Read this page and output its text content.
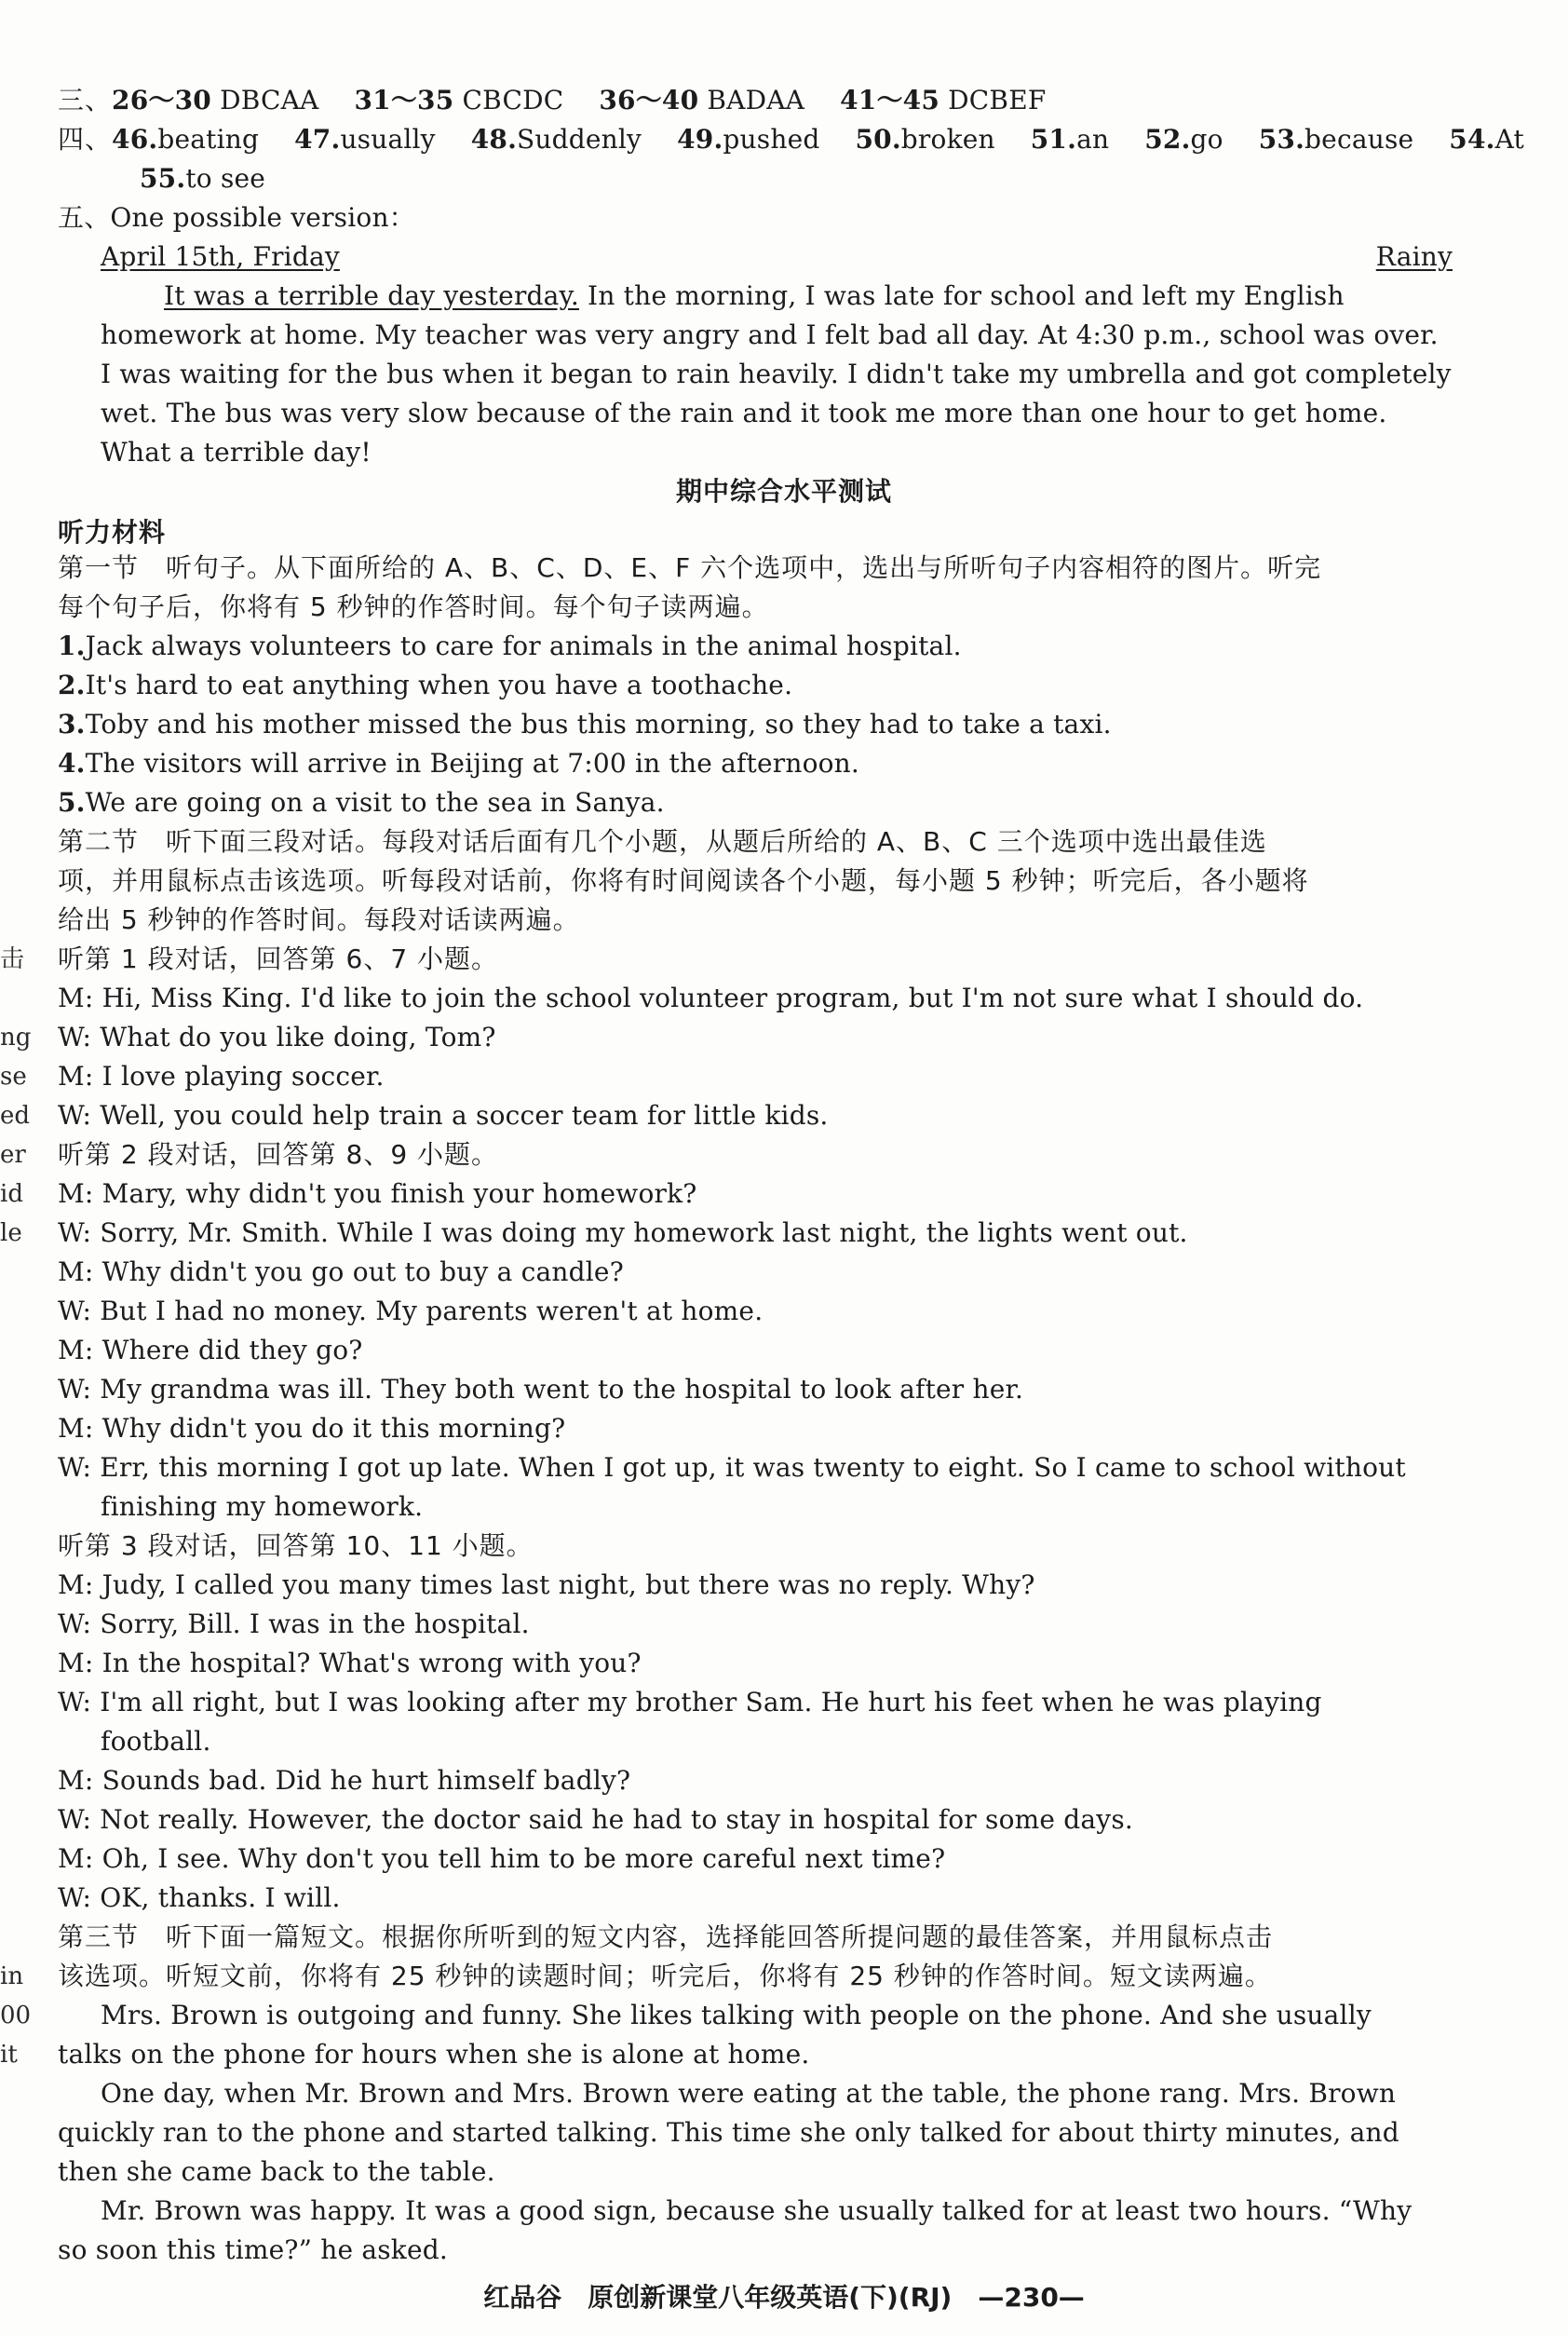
三、 26～30 DBCAA 31～35 CBCDC 36～40 BADAA 41～45 DCBEF
四、 46.beating 47.usually 48.Suddenly 49.pushed 50.broken 51.an 52.go 53.because 54.At
55.to see
五、One possible version：
April 15th, Friday	Rainy
It was a terrible day yesterday. In the morning, I was late for school and left my English
homework at home. My teacher was very angry and I felt bad all day. At 4:30 p.m., school was over.
I was waiting for the bus when it began to rain heavily. I didn't take my umbrella and got completely
wet. The bus was very slow because of the rain and it took me more than one hour to get home.
What a terrible day!
期中综合水平测试
听力材料
第一节　听句子。从下面所给的 A、B、C、D、E、F 六个选项中，选出与所听句子内容相符的图片。听完
每个句子后，你将有 5 秒钟的作答时间。每个句子读两遍。
1.Jack always volunteers to care for animals in the animal hospital.
2.It's hard to eat anything when you have a toothache.
3.Toby and his mother missed the bus this morning, so they had to take a taxi.
4.The visitors will arrive in Beijing at 7:00 in the afternoon.
5.We are going on a visit to the sea in Sanya.
第二节　听下面三段对话。每段对话后面有几个小题，从题后所给的 A、B、C 三个选项中选出最佳选
项，并用鼠标点击该选项。听每段对话前，你将有时间阅读各个小题，每小题 5 秒钟；听完后，各小题将
给出 5 秒钟的作答时间。每段对话读两遍。
听第 1 段对话，回答第 6、7 小题。
M: Hi, Miss King. I'd like to join the school volunteer program, but I'm not sure what I should do.
W: What do you like doing, Tom?
M: I love playing soccer.
W: Well, you could help train a soccer team for little kids.
听第 2 段对话，回答第 8、9 小题。
M: Mary, why didn't you finish your homework?
W: Sorry, Mr. Smith. While I was doing my homework last night, the lights went out.
M: Why didn't you go out to buy a candle?
W: But I had no money. My parents weren't at home.
M: Where did they go?
W: My grandma was ill. They both went to the hospital to look after her.
M: Why didn't you do it this morning?
W: Err, this morning I got up late. When I got up, it was twenty to eight. So I came to school without
finishing my homework.
听第 3 段对话，回答第 10、11 小题。
M: Judy, I called you many times last night, but there was no reply. Why?
W: Sorry, Bill. I was in the hospital.
M: In the hospital? What's wrong with you?
W: I'm all right, but I was looking after my brother Sam. He hurt his feet when he was playing
football.
M: Sounds bad. Did he hurt himself badly?
W: Not really. However, the doctor said he had to stay in hospital for some days.
M: Oh, I see. Why don't you tell him to be more careful next time?
W: OK, thanks. I will.
第三节　听下面一篇短文。根据你所听到的短文内容，选择能回答所提问题的最佳答案，并用鼠标点击
该选项。听短文前，你将有 25 秒钟的读题时间；听完后，你将有 25 秒钟的作答时间。短文读两遍。
Mrs. Brown is outgoing and funny. She likes talking with people on the phone. And she usually
talks on the phone for hours when she is alone at home.
One day, when Mr. Brown and Mrs. Brown were eating at the table, the phone rang. Mrs. Brown
quickly ran to the phone and started talking. This time she only talked for about thirty minutes, and
then she came back to the table.
Mr. Brown was happy. It was a good sign, because she usually talked for at least two hours. “Why
so soon this time?” he asked.
击
ng
se
ed
er
id
le
in
00
it
红品谷　原创新课堂八年级英语(下)(RJ)　—230—
